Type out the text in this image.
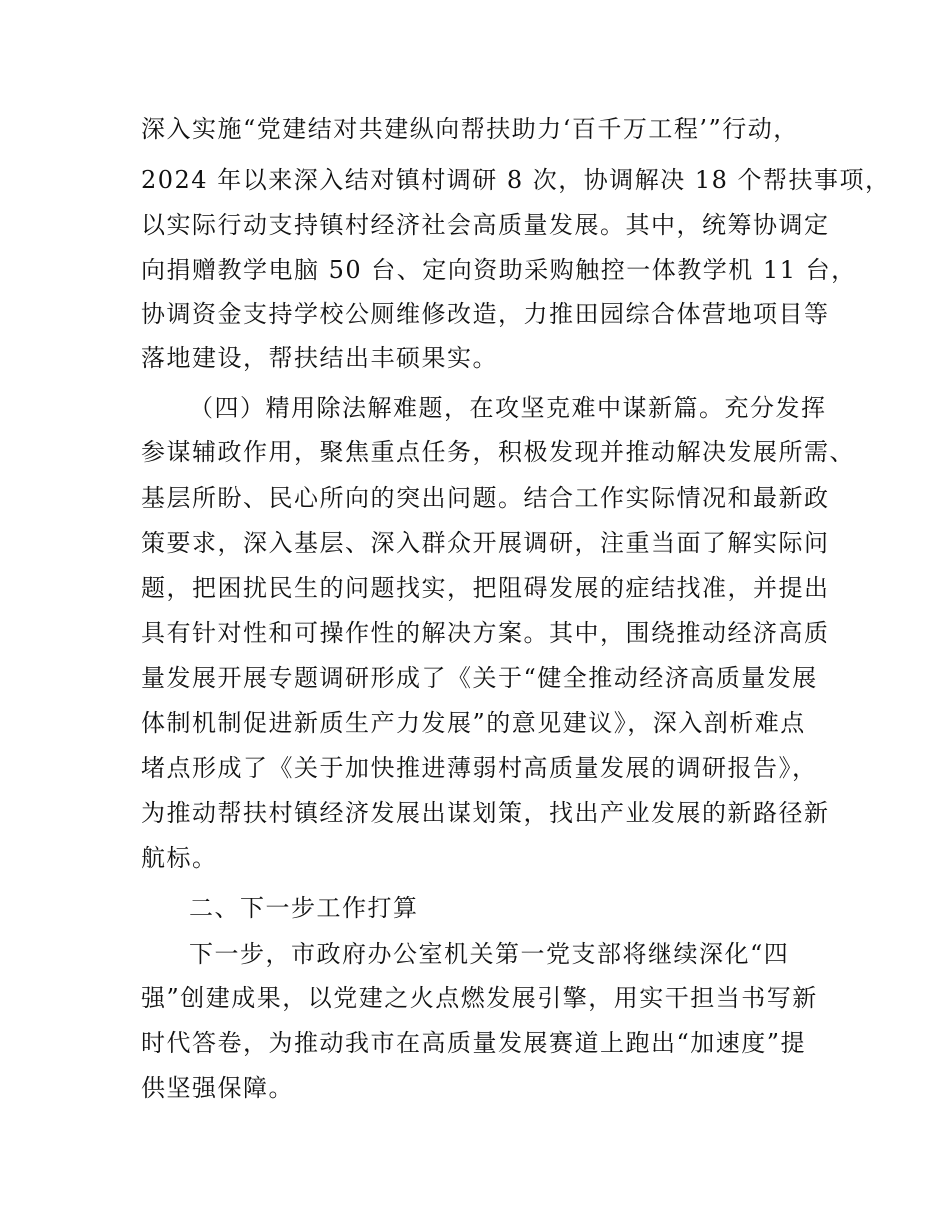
深入实施“党建结对共建纵向帮扶助力‘百千万工程’”行动，
2024 年以来深入结对镇村调研 8 次，协调解决 18 个帮扶事项，
以实际行动支持镇村经济社会高质量发展。其中，统筹协调定
向捐赠教学电脑 50 台、定向资助采购触控一体教学机 11 台，
协调资金支持学校公厕维修改造，力推田园综合体营地项目等
落地建设，帮扶结出丰硕果实。
（四）精用除法解难题，在攻坚克难中谋新篇。充分发挥
参谋辅政作用，聚焦重点任务，积极发现并推动解决发展所需、
基层所盼、民心所向的突出问题。结合工作实际情况和最新政
策要求，深入基层、深入群众开展调研，注重当面了解实际问
题，把困扰民生的问题找实，把阻碍发展的症结找准，并提出
具有针对性和可操作性的解决方案。其中，围绕推动经济高质
量发展开展专题调研形成了《关于“健全推动经济高质量发展
体制机制促进新质生产力发展”的意见建议》，深入剖析难点
堵点形成了《关于加快推进薄弱村高质量发展的调研报告》，
为推动帮扶村镇经济发展出谋划策，找出产业发展的新路径新
航标。
二、下一步工作打算
下一步，市政府办公室机关第一党支部将继续深化“四
强”创建成果，以党建之火点燃发展引擎，用实干担当书写新
时代答卷，为推动我市在高质量发展赛道上跑出“加速度”提
供坚强保障。
